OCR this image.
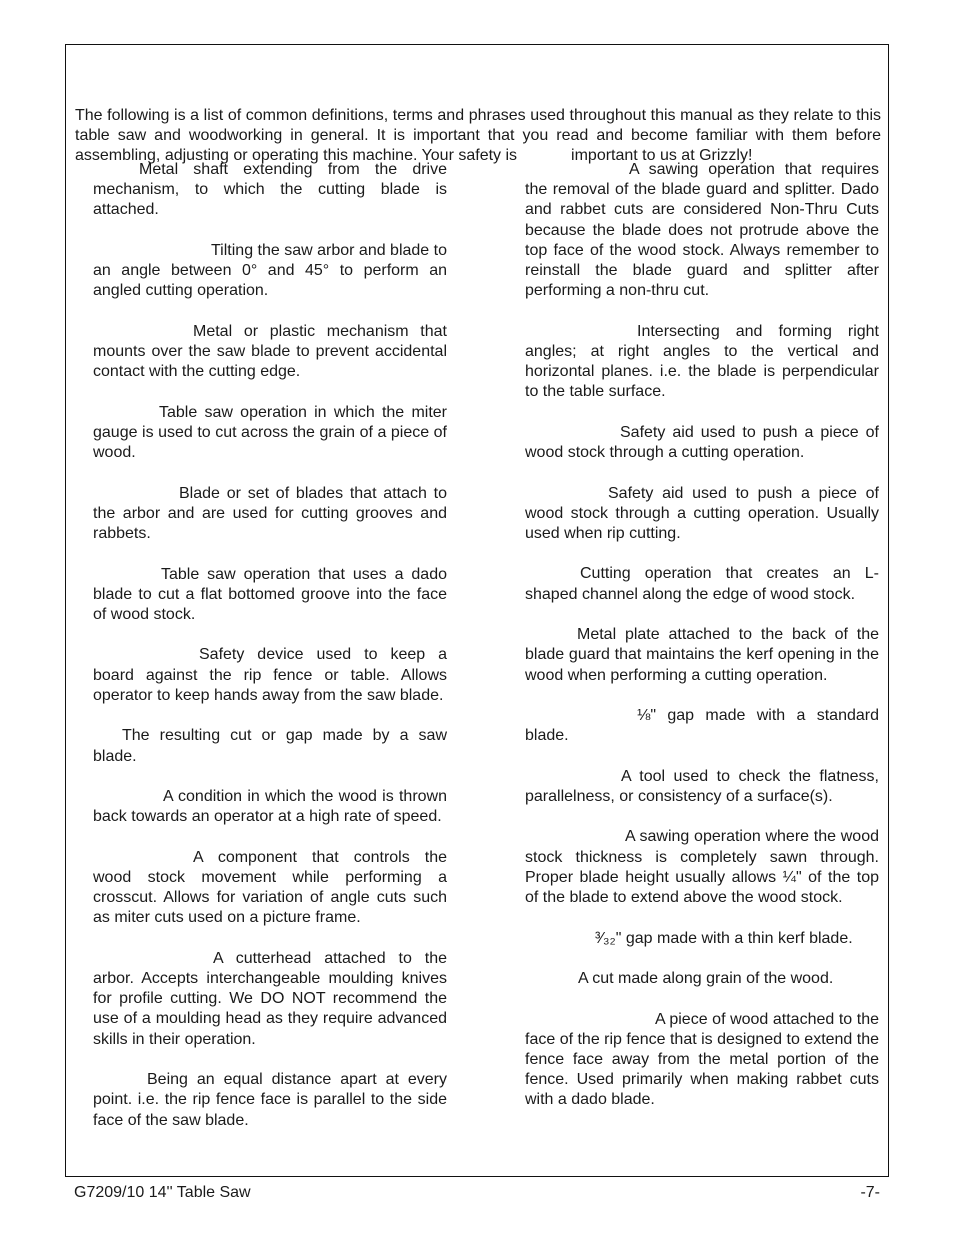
The following is a list of common definitions, terms and phrases used throughout this manual as they relate to this table saw and woodworking in general. It is important that you read and become familiar with them before assembling, adjusting or operating this machine. Your safety is	important to us at Grizzly!

Metal shaft extending from the drive mechanism, to which the cutting blade is attached.

Tilting the saw arbor and blade to an angle between 0° and 45° to perform an angled cutting operation.

Metal or plastic mechanism that mounts over the saw blade to prevent accidental contact with the cutting edge.

Table saw operation in which the miter gauge is used to cut across the grain of a piece of wood.

Blade or set of blades that attach to the arbor and are used for cutting grooves and rabbets.

Table saw operation that uses a dado blade to cut a flat bottomed groove into the face of wood stock.

Safety device used to keep a board against the rip fence or table. Allows operator to keep hands away from the saw blade.

The resulting cut or gap made by a saw blade.

A condition in which the wood is thrown back towards an operator at a high rate of speed.

A component that controls the wood stock movement while performing a crosscut. Allows for variation of angle cuts such as miter cuts used on a picture frame.

A cutterhead attached to the arbor. Accepts interchangeable moulding knives for profile cutting. We DO NOT recommend the use of a moulding head as they require advanced skills in their operation.

Being an equal distance apart at every point. i.e. the rip fence face is parallel to the side face of the saw blade.

A sawing operation that requires the removal of the blade guard and splitter. Dado and rabbet cuts are considered Non-Thru Cuts because the blade does not protrude above the top face of the wood stock. Always remember to reinstall the blade guard and splitter after performing a non-thru cut.

Intersecting and forming right angles; at right angles to the vertical and horizontal planes. i.e. the blade is perpendicular to the table surface.

Safety aid used to push a piece of wood stock through a cutting operation.

Safety aid used to push a piece of wood stock through a cutting operation. Usually used when rip cutting.

Cutting operation that creates an L-shaped channel along the edge of wood stock.

Metal plate attached to the back of the blade guard that maintains the kerf opening in the wood when performing a cutting operation.

⅛" gap made with a standard blade.

A tool used to check the flatness, parallelness, or consistency of a surface(s).

A sawing operation where the wood stock thickness is completely sawn through. Proper blade height usually allows ¼" of the top of the blade to extend above the wood stock.

³⁄₃₂" gap made with a thin kerf blade.

A cut made along grain of the wood.

A piece of wood attached to the face of the rip fence that is designed to extend the fence face away from the metal portion of the fence. Used primarily when making rabbet cuts with a dado blade.

G7209/10 14'' Table Saw	-7-
